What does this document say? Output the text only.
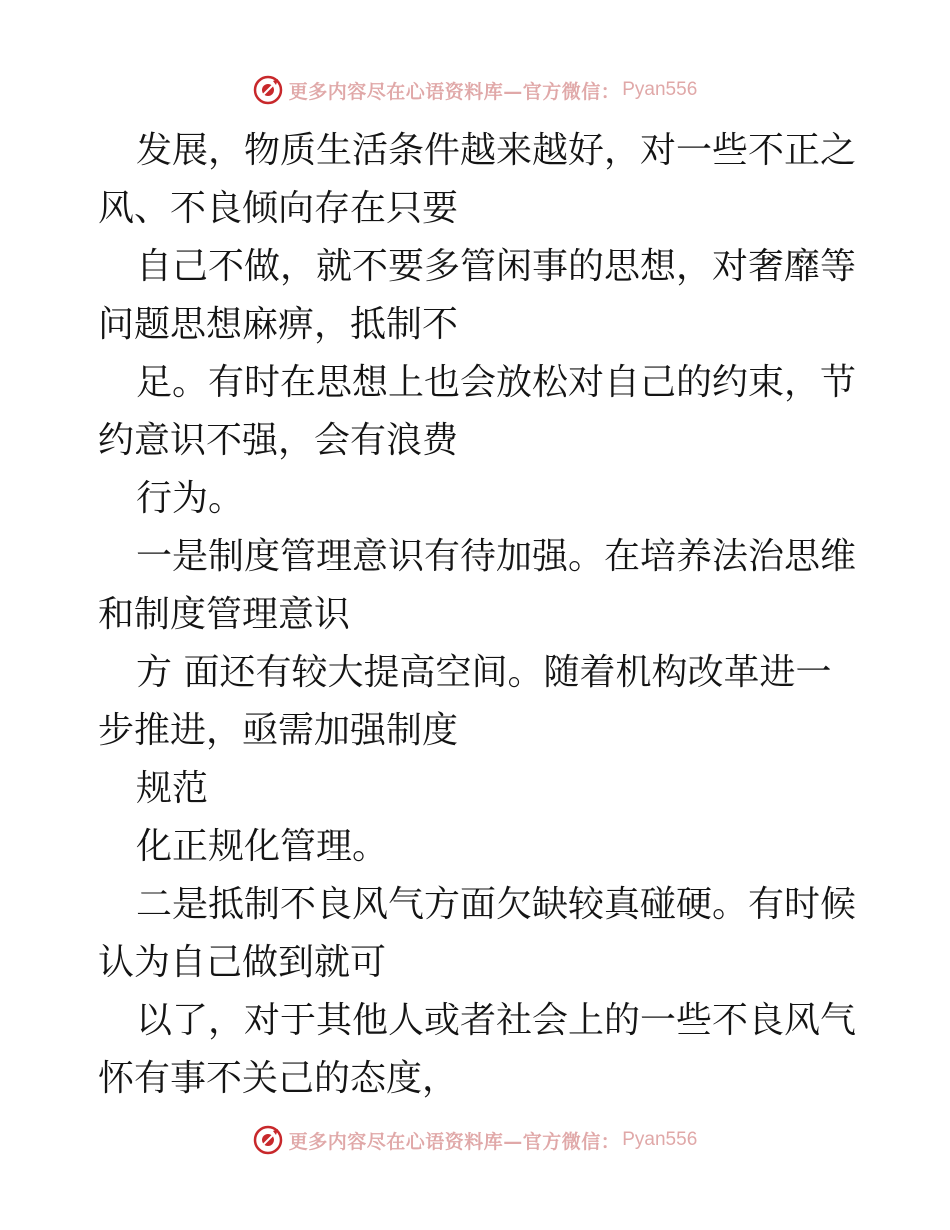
更多内容尽在心语资料库—官方微信： Pyan556

发展，物质生活条件越来越好，对一些不正之风、不良倾向存在只要

自己不做，就不要多管闲事的思想，对奢靡等问题思想麻痹，抵制不

足。有时在思想上也会放松对自己的约束，节约意识不强，会有浪费

行为。

一是制度管理意识有待加强。在培养法治思维和制度管理意识

方 面还有较大提高空间。随着机构改革进一步推进，亟需加强制度

规范

化正规化管理。

二是抵制不良风气方面欠缺较真碰硬。有时候认为自己做到就可

以了，对于其他人或者社会上的一些不良风气怀有事不关己的态度，

更多内容尽在心语资料库—官方微信： Pyan556
